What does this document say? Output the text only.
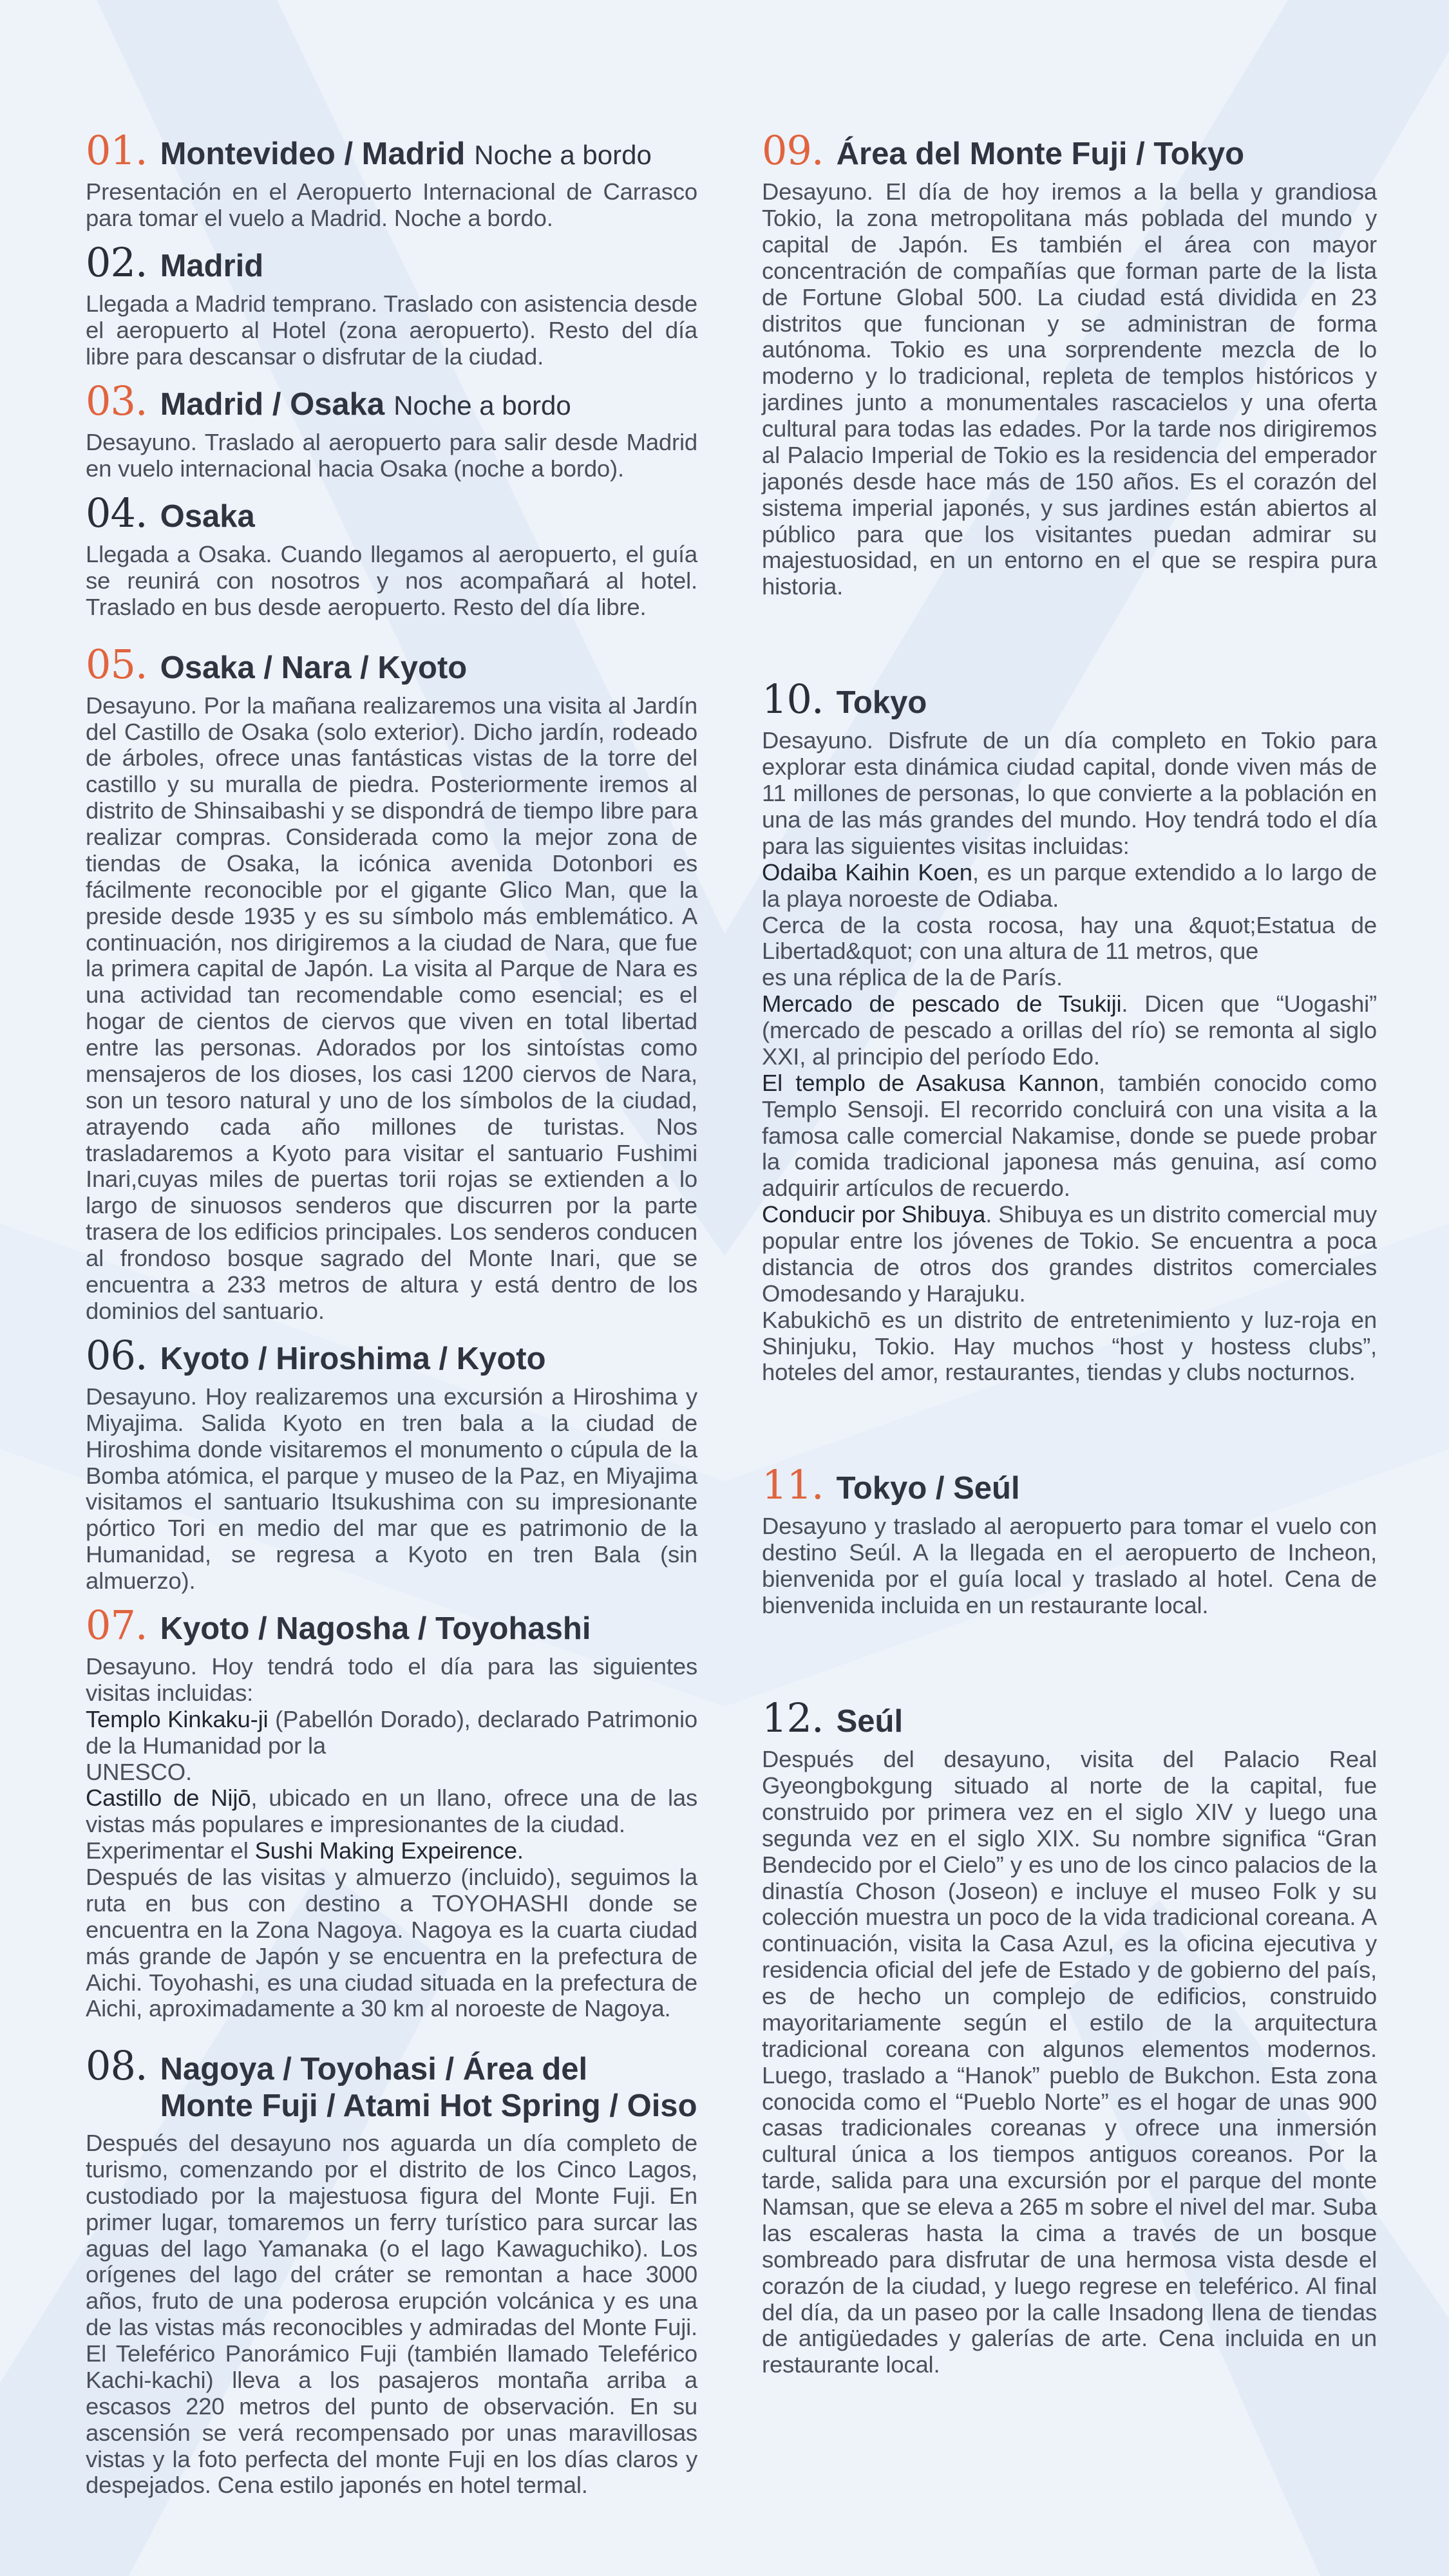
01. Montevideo / Madrid Noche a bordo

Presentación en el Aeropuerto Internacional de Carrasco para tomar el vuelo a Madrid. Noche a bordo.

02. Madrid

Llegada a Madrid temprano. Traslado con asistencia desde el aeropuerto al Hotel (zona aeropuerto). Resto del día libre para descansar o disfrutar de la ciudad.

03. Madrid / Osaka Noche a bordo

Desayuno. Traslado al aeropuerto para salir desde Madrid en vuelo internacional hacia Osaka (noche a bordo).

04. Osaka

Llegada a Osaka. Cuando llegamos al aeropuerto, el guía se reunirá con nosotros y nos acompañará al hotel. Traslado en bus desde aeropuerto. Resto del día libre.

05. Osaka / Nara / Kyoto

Desayuno. Por la mañana realizaremos una visita al Jardín del Castillo de Osaka (solo exterior). Dicho jardín, rodeado de árboles, ofrece unas fantásticas vistas de la torre del castillo y su muralla de piedra. Posteriormente iremos al distrito de Shinsaibashi y se dispondrá de tiempo libre para realizar compras. Considerada como la mejor zona de tiendas de Osaka, la icónica avenida Dotonbori es fácilmente reconocible por el gigante Glico Man, que la preside desde 1935 y es su símbolo más emblemático. A continuación, nos dirigiremos a la ciudad de Nara, que fue la primera capital de Japón. La visita al Parque de Nara es una actividad tan recomendable como esencial; es el hogar de cientos de ciervos que viven en total libertad entre las personas. Adorados por los sintoístas como mensajeros de los dioses, los casi 1200 ciervos de Nara, son un tesoro natural y uno de los símbolos de la ciudad, atrayendo cada año millones de turistas. Nos trasladaremos a Kyoto para visitar el santuario Fushimi Inari,cuyas miles de puertas torii rojas se extienden a lo largo de sinuosos senderos que discurren por la parte trasera de los edificios principales. Los senderos conducen al frondoso bosque sagrado del Monte Inari, que se encuentra a 233 metros de altura y está dentro de los dominios del santuario.

06. Kyoto / Hiroshima / Kyoto

Desayuno. Hoy realizaremos una excursión a Hiroshima y Miyajima. Salida Kyoto en tren bala a la ciudad de Hiroshima donde visitaremos el monumento o cúpula de la Bomba atómica, el parque y museo de la Paz, en Miyajima visitamos el santuario Itsukushima con su impresionante pórtico Tori en medio del mar que es patrimonio de la Humanidad, se regresa a Kyoto en tren Bala (sin almuerzo).

07. Kyoto / Nagosha / Toyohashi

Desayuno. Hoy tendrá todo el día para las siguientes visitas incluidas:

Templo Kinkaku-ji (Pabellón Dorado), declarado Patrimonio de la Humanidad por la

UNESCO.

Castillo de Nijō, ubicado en un llano, ofrece una de las vistas más populares e impresionantes de la ciudad.

Experimentar el Sushi Making Expeirence.

Después de las visitas y almuerzo (incluido), seguimos la ruta en bus con destino a TOYOHASHI donde se encuentra en la Zona Nagoya. Nagoya es la cuarta ciudad más grande de Japón y se encuentra en la prefectura de Aichi. Toyohashi, es una ciudad situada en la prefectura de Aichi, aproximadamente a 30 km al noroeste de Nagoya.

08. Nagoya / Toyohasi / Área del
Monte Fuji / Atami Hot Spring / Oiso

Después del desayuno nos aguarda un día completo de turismo, comenzando por el distrito de los Cinco Lagos, custodiado por la majestuosa figura del Monte Fuji. En primer lugar, tomaremos un ferry turístico para surcar las aguas del lago Yamanaka (o el lago Kawaguchiko). Los orígenes del lago del cráter se remontan a hace 3000 años, fruto de una poderosa erupción volcánica y es una de las vistas más reconocibles y admiradas del Monte Fuji. El Teleférico Panorámico Fuji (también llamado Teleférico Kachi-kachi) lleva a los pasajeros montaña arriba a escasos 220 metros del punto de observación. En su ascensión se verá recompensado por unas maravillosas vistas y la foto perfecta del monte Fuji en los días claros y despejados. Cena estilo japonés en hotel termal.

09. Área del Monte Fuji / Tokyo

Desayuno. El día de hoy iremos a la bella y grandiosa Tokio, la zona metropolitana más poblada del mundo y capital de Japón. Es también el área con mayor concentración de compañías que forman parte de la lista de Fortune Global 500. La ciudad está dividida en 23 distritos que funcionan y se administran de forma autónoma. Tokio es una sorprendente mezcla de lo moderno y lo tradicional, repleta de templos históricos y jardines junto a monumentales rascacielos y una oferta cultural para todas las edades. Por la tarde nos dirigiremos al Palacio Imperial de Tokio es la residencia del emperador japonés desde hace más de 150 años. Es el corazón del sistema imperial japonés, y sus jardines están abiertos al público para que los visitantes puedan admirar su majestuosidad, en un entorno en el que se respira pura historia.

10. Tokyo

Desayuno. Disfrute de un día completo en Tokio para explorar esta dinámica ciudad capital, donde viven más de 11 millones de personas, lo que convierte a la población en una de las más grandes del mundo. Hoy tendrá todo el día para las siguientes visitas incluidas:

Odaiba Kaihin Koen, es un parque extendido a lo largo de la playa noroeste de Odiaba.

Cerca de la costa rocosa, hay una &quot;Estatua de Libertad&quot; con una altura de 11 metros, que

es una réplica de la de París.

Mercado de pescado de Tsukiji. Dicen que “Uogashi” (mercado de pescado a orillas del río) se remonta al siglo XXI, al principio del período Edo.

El templo de Asakusa Kannon, también conocido como Templo Sensoji. El recorrido concluirá con una visita a la famosa calle comercial Nakamise, donde se puede probar la comida tradicional japonesa más genuina, así como adquirir artículos de recuerdo.

Conducir por Shibuya. Shibuya es un distrito comercial muy popular entre los jóvenes de Tokio. Se encuentra a poca distancia de otros dos grandes distritos comerciales Omodesando y Harajuku.

Kabukichō es un distrito de entretenimiento y luz-roja en Shinjuku, Tokio. Hay muchos “host y hostess clubs”, hoteles del amor, restaurantes, tiendas y clubs nocturnos.

11. Tokyo / Seúl

Desayuno y traslado al aeropuerto para tomar el vuelo con destino Seúl. A la llegada en el aeropuerto de Incheon, bienvenida por el guía local y traslado al hotel. Cena de bienvenida incluida en un restaurante local.

12. Seúl

Después del desayuno, visita del Palacio Real Gyeongbokgung situado al norte de la capital, fue construido por primera vez en el siglo XIV y luego una segunda vez en el siglo XIX. Su nombre significa “Gran Bendecido por el Cielo” y es uno de los cinco palacios de la dinastía Choson (Joseon) e incluye el museo Folk y su colección muestra un poco de la vida tradicional coreana. A continuación, visita la Casa Azul, es la oficina ejecutiva y residencia oficial del jefe de Estado y de gobierno del país, es de hecho un complejo de edificios, construido mayoritariamente según el estilo de la arquitectura tradicional coreana con algunos elementos modernos. Luego, traslado a “Hanok” pueblo de Bukchon. Esta zona conocida como el “Pueblo Norte” es el hogar de unas 900 casas tradicionales coreanas y ofrece una inmersión cultural única a los tiempos antiguos coreanos. Por la tarde, salida para una excursión por el parque del monte Namsan, que se eleva a 265 m sobre el nivel del mar. Suba las escaleras hasta la cima a través de un bosque sombreado para disfrutar de una hermosa vista desde el corazón de la ciudad, y luego regrese en teleférico. Al final del día, da un paseo por la calle Insadong llena de tiendas de antigüedades y galerías de arte. Cena incluida en un restaurante local.
